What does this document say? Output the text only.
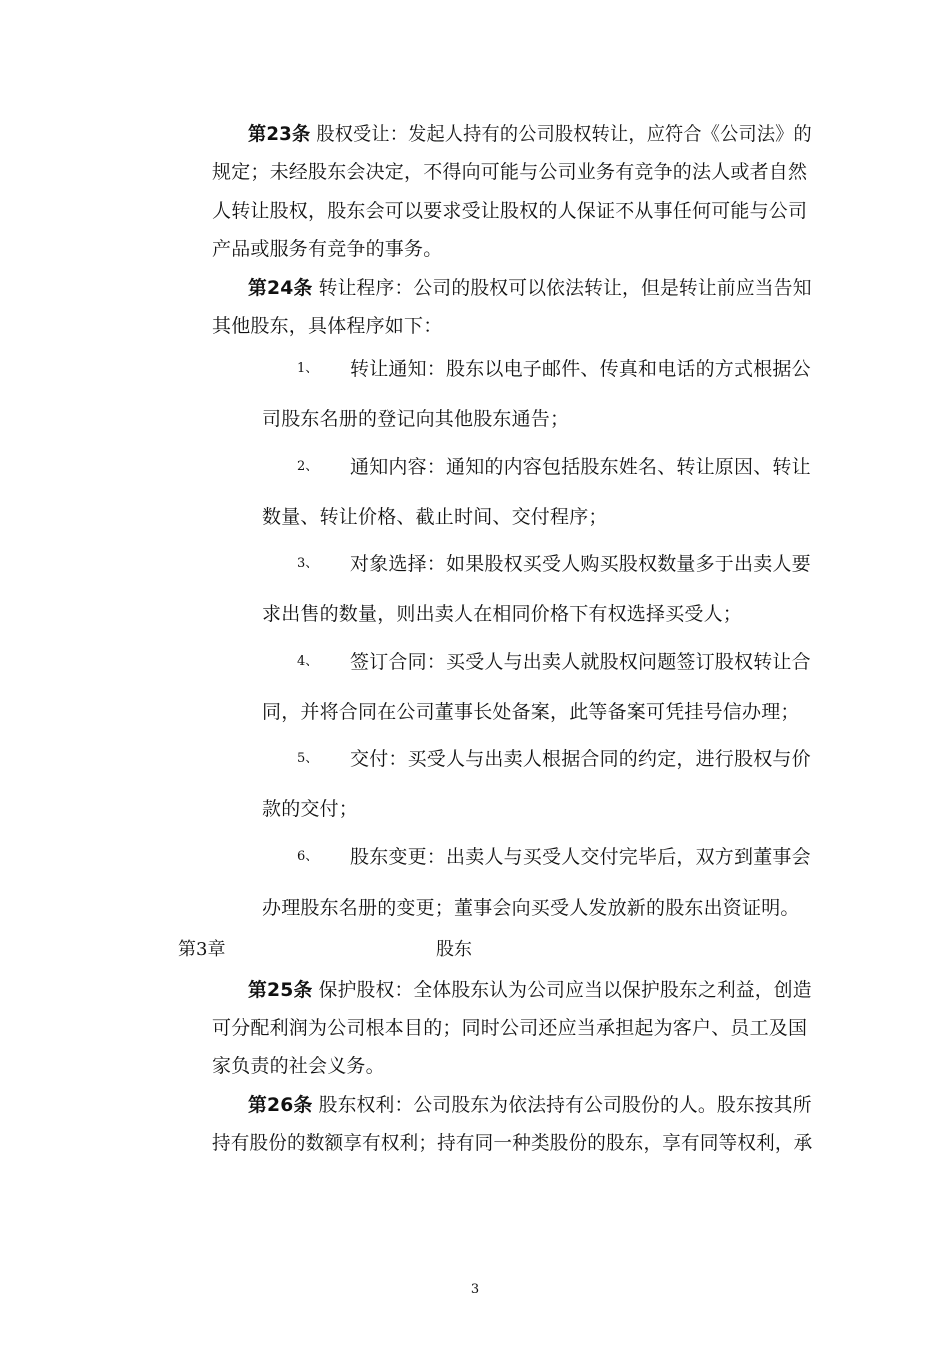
第23条 股权受让：发起人持有的公司股权转让，应符合《公司法》的
规定；未经股东会决定，不得向可能与公司业务有竞争的法人或者自然
人转让股权，股东会可以要求受让股权的人保证不从事任何可能与公司
产品或服务有竞争的事务。
第24条 转让程序：公司的股权可以依法转让，但是转让前应当告知
其他股东，具体程序如下：
1、 转让通知：股东以电子邮件、传真和电话的方式根据公
司股东名册的登记向其他股东通告；
2、 通知内容：通知的内容包括股东姓名、转让原因、转让
数量、转让价格、截止时间、交付程序；
3、 对象选择：如果股权买受人购买股权数量多于出卖人要
求出售的数量，则出卖人在相同价格下有权选择买受人；
4、 签订合同：买受人与出卖人就股权问题签订股权转让合
同，并将合同在公司董事长处备案，此等备案可凭挂号信办理；
5、 交付：买受人与出卖人根据合同的约定，进行股权与价
款的交付；
6、 股东变更：出卖人与买受人交付完毕后，双方到董事会
办理股东名册的变更；董事会向买受人发放新的股东出资证明。
第3章	股东
第25条 保护股权：全体股东认为公司应当以保护股东之利益，创造
可分配利润为公司根本目的；同时公司还应当承担起为客户、员工及国
家负责的社会义务。
第26条 股东权利：公司股东为依法持有公司股份的人。股东按其所
持有股份的数额享有权利；持有同一种类股份的股东，享有同等权利，承
3
